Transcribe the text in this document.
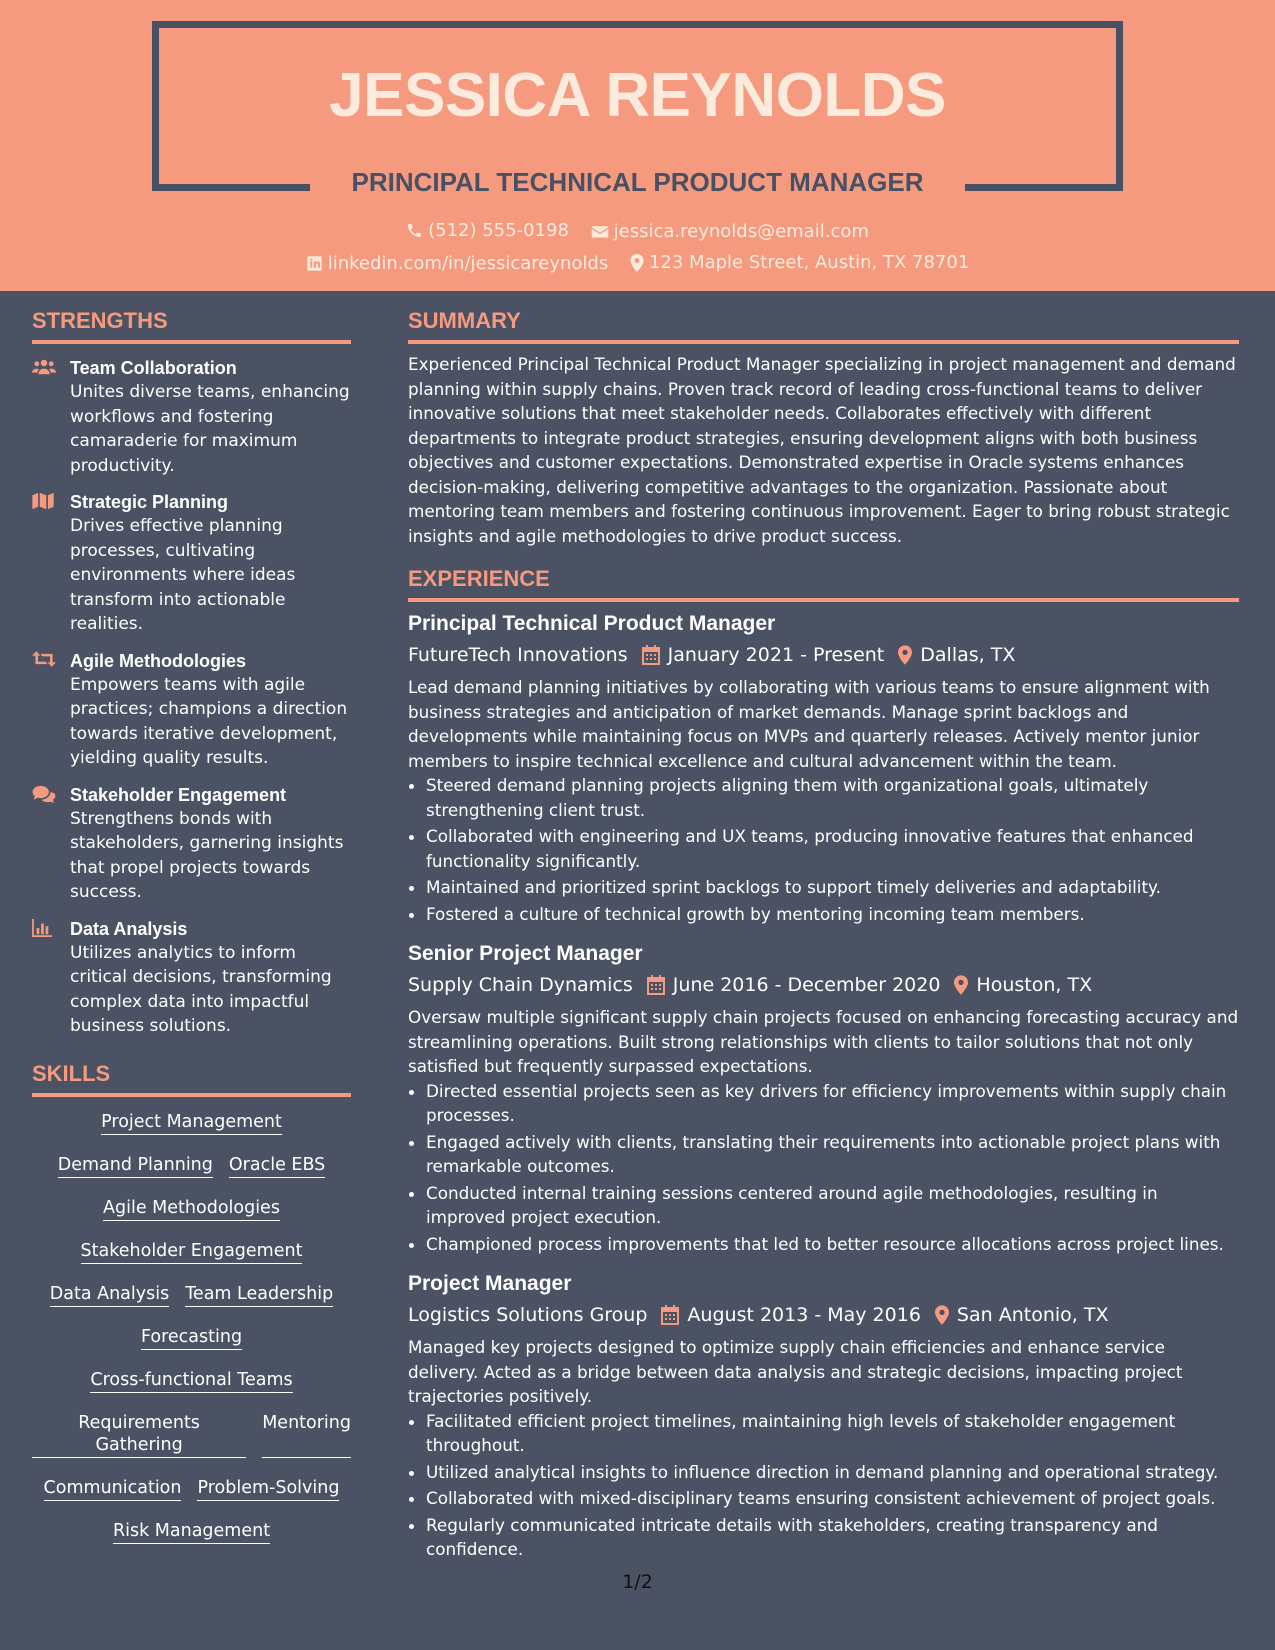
JESSICA REYNOLDS
PRINCIPAL TECHNICAL PRODUCT MANAGER
(512) 555-0198
jessica.reynolds@email.com
linkedin.com/in/jessicareynolds
123 Maple Street, Austin, TX 78701
STRENGTHS
Team Collaboration
Unites diverse teams, enhancing workflows and fostering camaraderie for maximum productivity.
Strategic Planning
Drives effective planning processes, cultivating environments where ideas transform into actionable realities.
Agile Methodologies
Empowers teams with agile practices; champions a direction towards iterative development, yielding quality results.
Stakeholder Engagement
Strengthens bonds with stakeholders, garnering insights that propel projects towards success.
Data Analysis
Utilizes analytics to inform critical decisions, transforming complex data into impactful business solutions.
SKILLS
Project Management
Demand Planning Oracle EBS
Agile Methodologies
Stakeholder Engagement
Data Analysis Team Leadership
Forecasting
Cross-functional Teams
Requirements Gathering
Mentoring
Communication Problem-Solving
Risk Management
SUMMARY
Experienced Principal Technical Product Manager specializing in project management and demand planning within supply chains. Proven track record of leading cross-functional teams to deliver innovative solutions that meet stakeholder needs. Collaborates effectively with different departments to integrate product strategies, ensuring development aligns with both business objectives and customer expectations. Demonstrated expertise in Oracle systems enhances decision-making, delivering competitive advantages to the organization. Passionate about mentoring team members and fostering continuous improvement. Eager to bring robust strategic insights and agile methodologies to drive product success.
EXPERIENCE
Principal Technical Product Manager
FutureTech Innovations January 2021 - Present Dallas, TX
Lead demand planning initiatives by collaborating with various teams to ensure alignment with business strategies and anticipation of market demands. Manage sprint backlogs and developments while maintaining focus on MVPs and quarterly releases. Actively mentor junior members to inspire technical excellence and cultural advancement within the team.
• Steered demand planning projects aligning them with organizational goals, ultimately strengthening client trust.
• Collaborated with engineering and UX teams, producing innovative features that enhanced functionality significantly.
• Maintained and prioritized sprint backlogs to support timely deliveries and adaptability.
• Fostered a culture of technical growth by mentoring incoming team members.
Senior Project Manager
Supply Chain Dynamics June 2016 - December 2020 Houston, TX
Oversaw multiple significant supply chain projects focused on enhancing forecasting accuracy and streamlining operations. Built strong relationships with clients to tailor solutions that not only satisfied but frequently surpassed expectations.
• Directed essential projects seen as key drivers for efficiency improvements within supply chain processes.
• Engaged actively with clients, translating their requirements into actionable project plans with remarkable outcomes.
• Conducted internal training sessions centered around agile methodologies, resulting in improved project execution.
• Championed process improvements that led to better resource allocations across project lines.
Project Manager
Logistics Solutions Group August 2013 - May 2016 San Antonio, TX
Managed key projects designed to optimize supply chain efficiencies and enhance service delivery. Acted as a bridge between data analysis and strategic decisions, impacting project trajectories positively.
• Facilitated efficient project timelines, maintaining high levels of stakeholder engagement throughout.
• Utilized analytical insights to influence direction in demand planning and operational strategy.
• Collaborated with mixed-disciplinary teams ensuring consistent achievement of project goals.
• Regularly communicated intricate details with stakeholders, creating transparency and confidence.
1/2
